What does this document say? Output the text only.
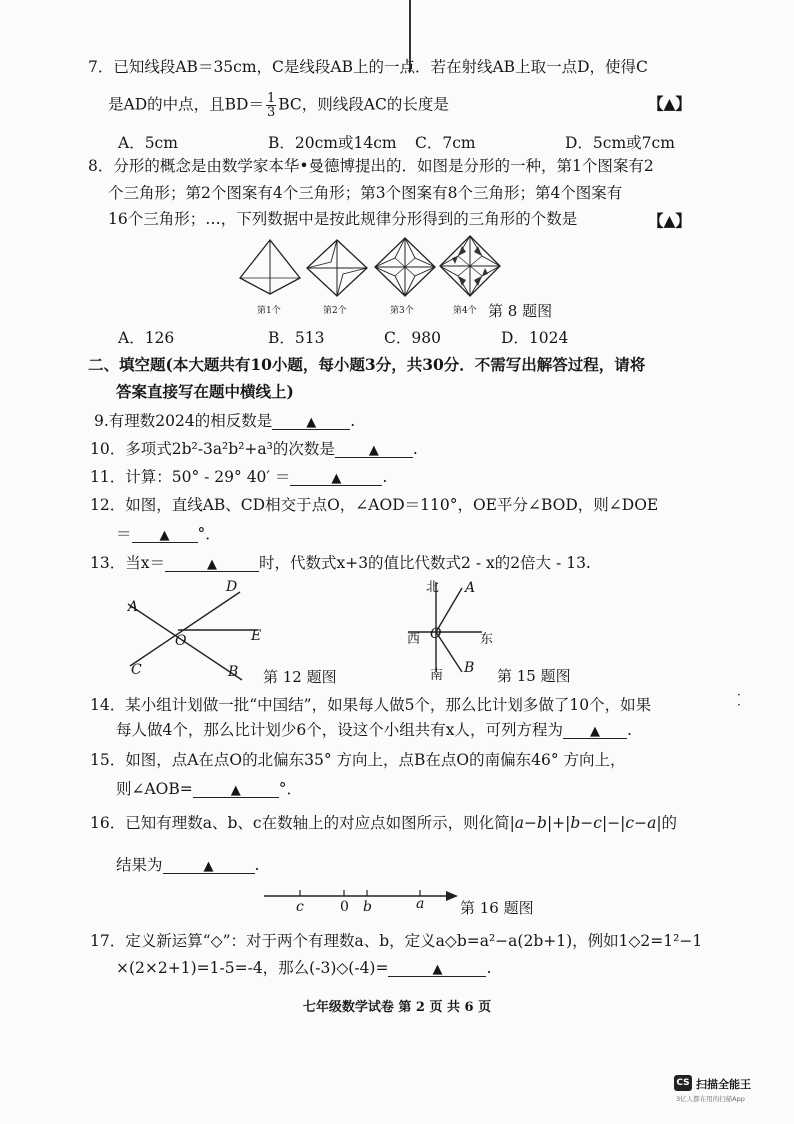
7．已知线段AB＝35cm，C是线段AB上的一点．若在射线AB上取一点D，使得C
是AD的中点，且$BD= \frac{1}{3}$ BC，则线段AC的长度是	【▲】
A．5cm	B．20cm或14cm C．7cm	D．5cm或7cm
8．分形的概念是由数学家本华•曼德博提出的．如图是分形的一种，第1个图案有2
个三角形；第2个图案有4个三角形；第3个图案有8个三角形；第4个图案有
16个三角形；…，下列数据中是按此规律分形得到的三角形的个数是	【▲】
第1个	第2个	第3个	第4个 第 8 题图
A．126	B．513	C．980	D．1024
二、填空题(本大题共有10小题，每小题3分，共30分．不需写出解答过程，请将
答案直接写在题中横线上)
9.有理数2024的相反数是	▲ .
10．多项式2b²-3a²b²+a³的次数是	▲ .
11．计算：50° - 29° 40′ ＝	▲	.
12．如图，直线AB、CD相交于点O，∠AOD＝110°，OE平分∠BOD，则∠DOE
＝ ▲ °．
13．当x＝	▲	时，代数式x+3的值比代数式2 - x的2倍大 - 13.
A
D
O	E
C	B 第 12 题图
北 A
西 O	东
南 B 第 15 题图
14．某小组计划做一批“中国结”，如果每人做5个，那么比计划多做了10个，如果
每人做4个，那么比计划少6个，设这个小组共有x人，可列方程为 ▲ .
15．如图，点A在点O的北偏东35° 方向上，点B在点O的南偏东46° 方向上，
则∠AOB=	▲ °．
16．已知有理数a、b、c在数轴上的对应点如图所示，则化简|a−b|+|b−c|−|c−a|的
结果为	▲	.
c	0 b	a 第 16 题图
17．定义新运算“◇”：对于两个有理数a、b，定义a◇b=a²−a(2b+1)，例如1◇2=1²−1
×(2×2+1)=1-5=-4，那么(-3)◇(-4)=	▲	.
七年级数学试卷 第 2 页 共 6 页
·
·
CS 扫描全能王
3亿人都在用的扫描App
